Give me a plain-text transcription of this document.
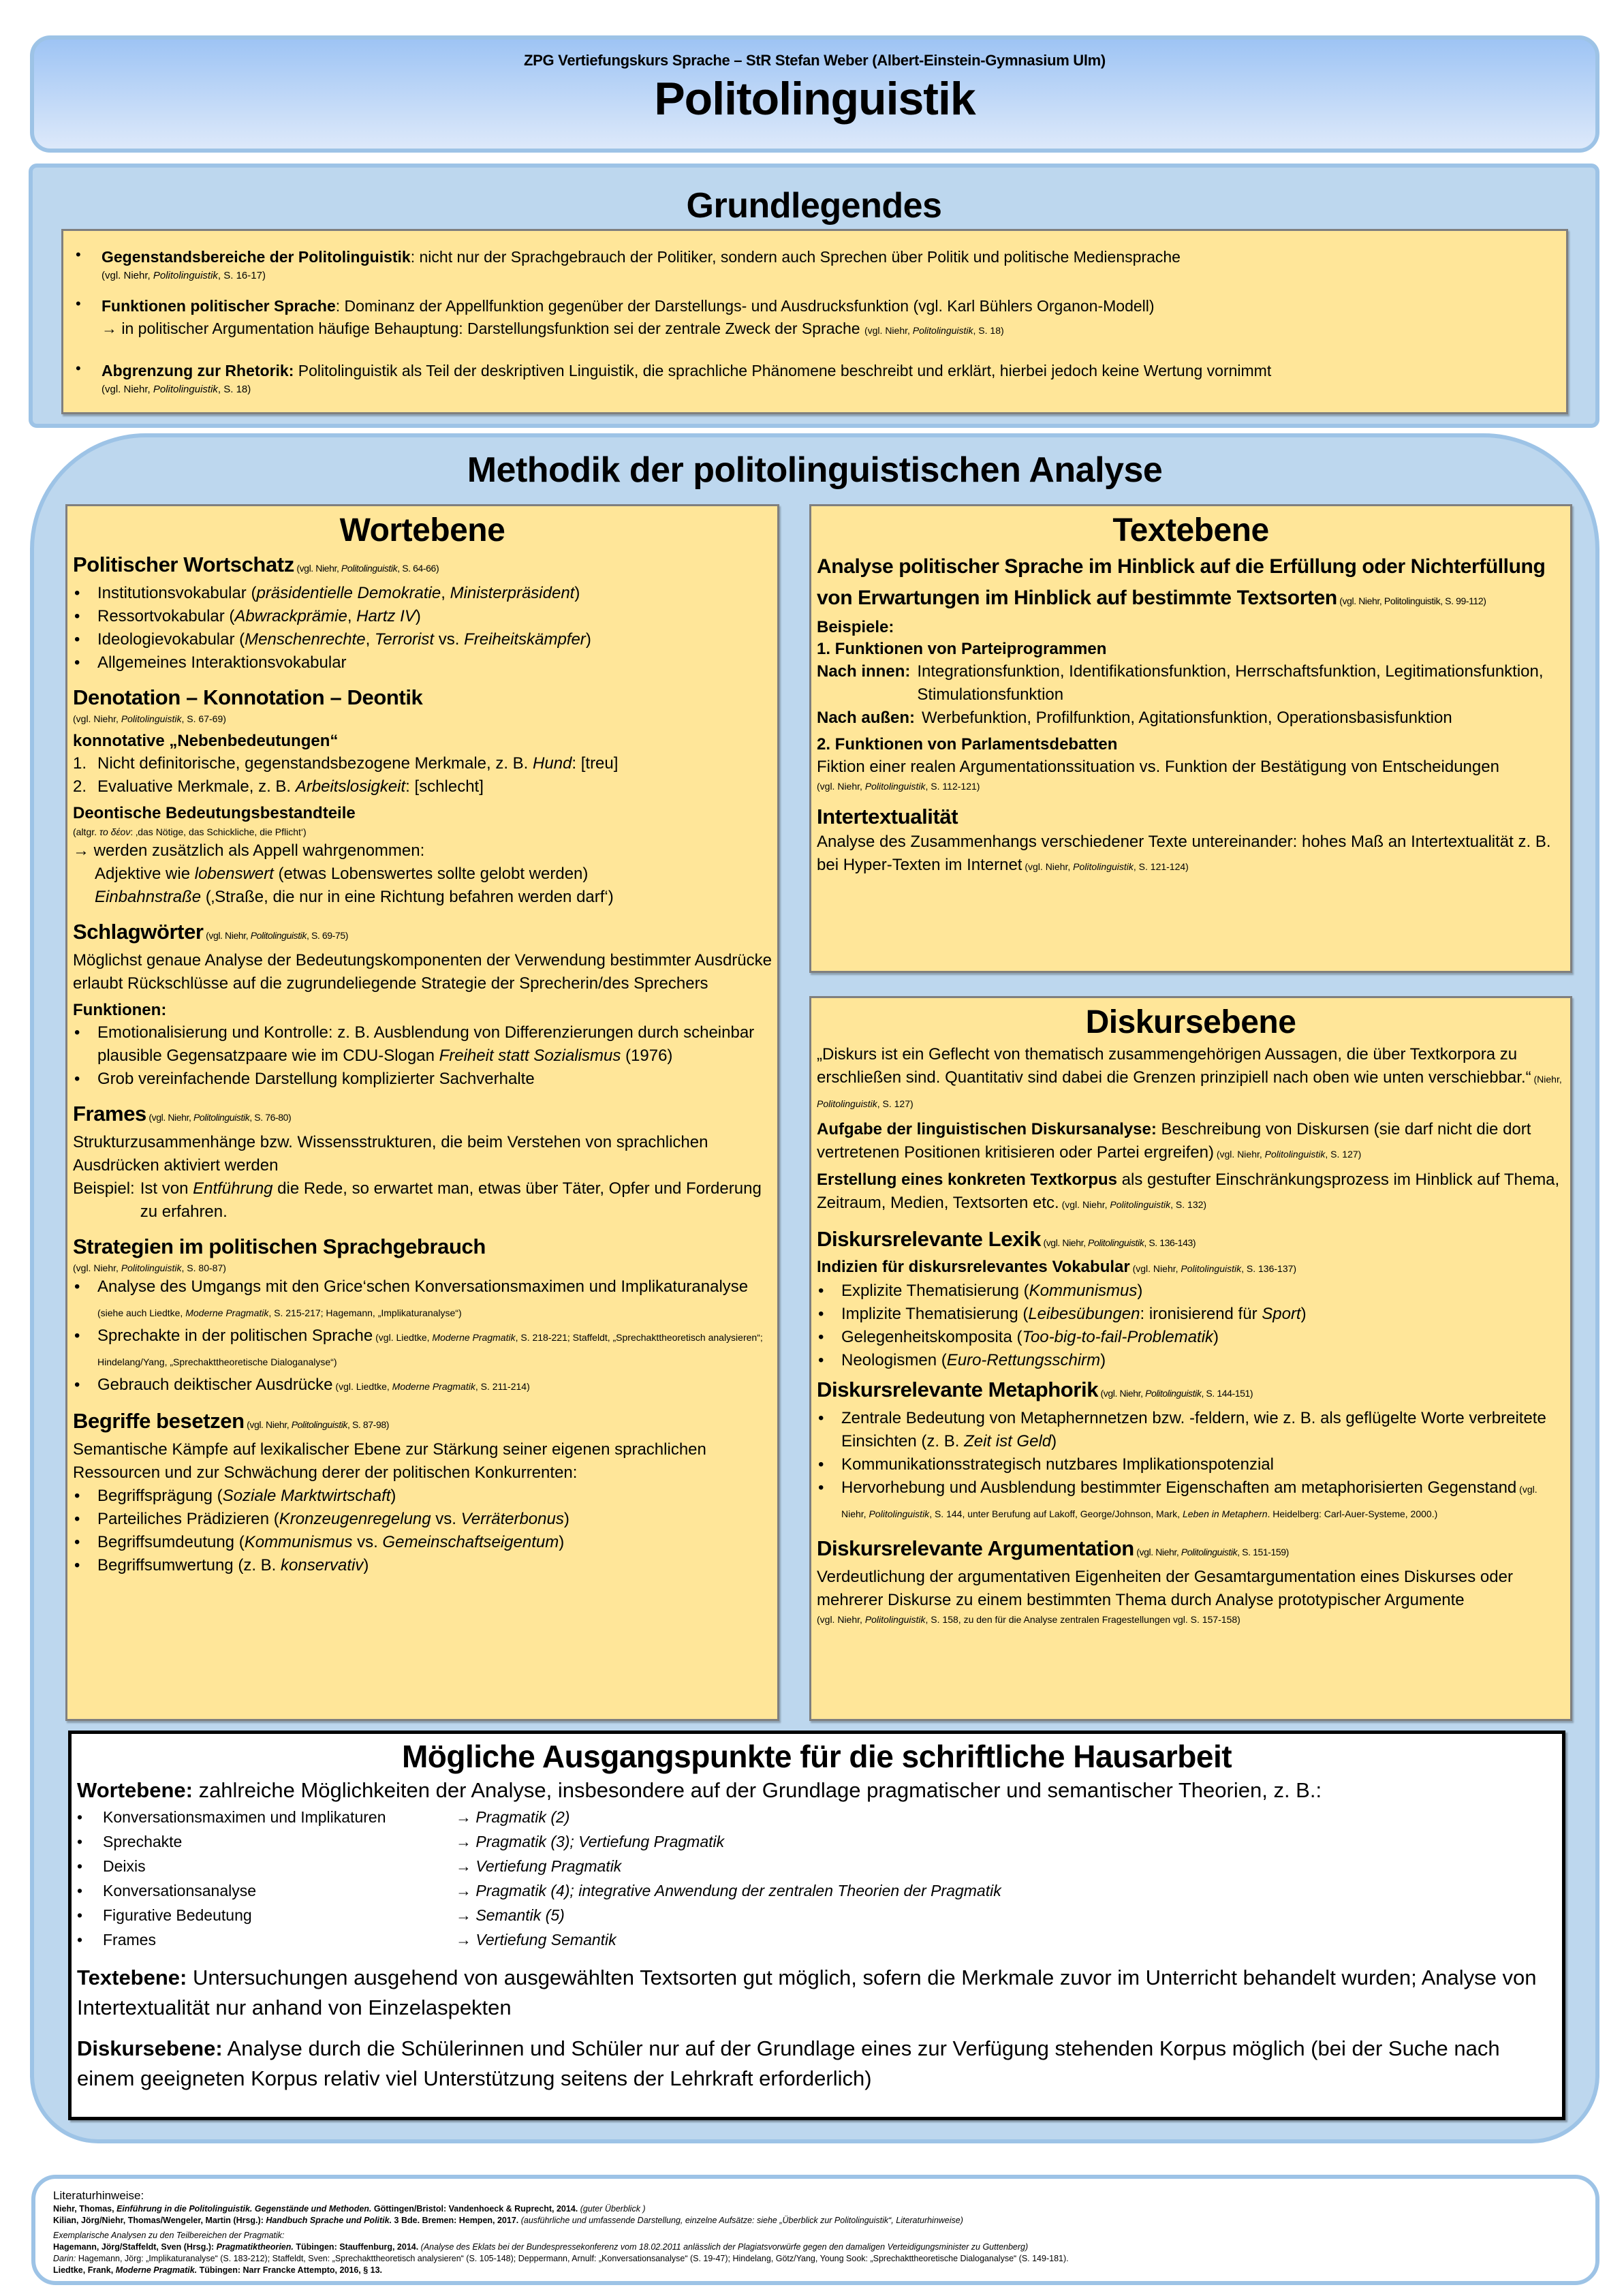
ZPG Vertiefungskurs Sprache – StR Stefan Weber (Albert-Einstein-Gymnasium Ulm)
Politolinguistik
Grundlegendes
• Gegenstandsbereiche der Politolinguistik: nicht nur der Sprachgebrauch der Politiker, sondern auch Sprechen über Politik und politische Mediensprache
(vgl. Niehr, Politolinguistik, S. 16-17)
• Funktionen politischer Sprache: Dominanz der Appellfunktion gegenüber der Darstellungs- und Ausdrucksfunktion (vgl. Karl Bühlers Organon-Modell)
→ in politischer Argumentation häufige Behauptung: Darstellungsfunktion sei der zentrale Zweck der Sprache (vgl. Niehr, Politolinguistik, S. 18)
• Abgrenzung zur Rhetorik: Politolinguistik als Teil der deskriptiven Linguistik, die sprachliche Phänomene beschreibt und erklärt, hierbei jedoch keine Wertung vornimmt
(vgl. Niehr, Politolinguistik, S. 18)
Methodik der politolinguistischen Analyse
Wortebene
Politischer Wortschatz (vgl. Niehr, Politolinguistik, S. 64-66)
• Institutionsvokabular (präsidentielle Demokratie, Ministerpräsident)
• Ressortvokabular (Abwrackprämie, Hartz IV)
• Ideologievokabular (Menschenrechte, Terrorist vs. Freiheitskämpfer)
• Allgemeines Interaktionsvokabular
Denotation – Konnotation – Deontik
(vgl. Niehr, Politolinguistik, S. 67-69)
konnotative „Nebenbedeutungen“
1. Nicht definitorische, gegenstandsbezogene Merkmale, z. B. Hund: [treu]
2. Evaluative Merkmale, z. B. Arbeitslosigkeit: [schlecht]
Deontische Bedeutungsbestandteile
(altgr. το δέον: ‚das Nötige, das Schickliche, die Pflicht‘)
→ werden zusätzlich als Appell wahrgenommen:
Adjektive wie lobenswert (etwas Lobenswertes sollte gelobt werden)
Einbahnstraße (‚Straße, die nur in eine Richtung befahren werden darf‘)
Schlagwörter (vgl. Niehr, Politolinguistik, S. 69-75)
Möglichst genaue Analyse der Bedeutungskomponenten der Verwendung bestimmter Ausdrücke erlaubt Rückschlüsse auf die zugrundeliegende Strategie der Sprecherin/des Sprechers
Funktionen:
• Emotionalisierung und Kontrolle: z. B. Ausblendung von Differenzierungen durch scheinbar plausible Gegensatzpaare wie im CDU-Slogan Freiheit statt Sozialismus (1976)
• Grob vereinfachende Darstellung komplizierter Sachverhalte
Frames (vgl. Niehr, Politolinguistik, S. 76-80)
Strukturzusammenhänge bzw. Wissensstrukturen, die beim Verstehen von sprachlichen Ausdrücken aktiviert werden
Beispiel: Ist von Entführung die Rede, so erwartet man, etwas über Täter, Opfer und Forderung zu erfahren.
Strategien im politischen Sprachgebrauch
(vgl. Niehr, Politolinguistik, S. 80-87)
• Analyse des Umgangs mit den Grice‘schen Konversationsmaximen und Implikaturanalyse (siehe auch Liedtke, Moderne Pragmatik, S. 215-217; Hagemann, „Implikaturanalyse“)
• Sprechakte in der politischen Sprache (vgl. Liedtke, Moderne Pragmatik, S. 218-221; Staffeldt, „Sprechakttheoretisch analysieren“; Hindelang/Yang, „Sprechakttheoretische Dialoganalyse“)
• Gebrauch deiktischer Ausdrücke (vgl. Liedtke, Moderne Pragmatik, S. 211-214)
Begriffe besetzen (vgl. Niehr, Politolinguistik, S. 87-98)
Semantische Kämpfe auf lexikalischer Ebene zur Stärkung seiner eigenen sprachlichen Ressourcen und zur Schwächung derer der politischen Konkurrenten:
• Begriffsprägung (Soziale Marktwirtschaft)
• Parteiliches Prädizieren (Kronzeugenregelung vs. Verräterbonus)
• Begriffsumdeutung (Kommunismus vs. Gemeinschaftseigentum)
• Begriffsumwertung (z. B. konservativ)
Textebene
Analyse politischer Sprache im Hinblick auf die Erfüllung oder Nichterfüllung von Erwartungen im Hinblick auf bestimmte Textsorten (vgl. Niehr, Politolinguistik, S. 99-112)
Beispiele:
1. Funktionen von Parteiprogrammen
Nach innen: Integrationsfunktion, Identifikationsfunktion, Herrschaftsfunktion, Legitimationsfunktion, Stimulationsfunktion
Nach außen: Werbefunktion, Profilfunktion, Agitationsfunktion, Operationsbasisfunktion
2. Funktionen von Parlamentsdebatten
Fiktion einer realen Argumentationssituation vs. Funktion der Bestätigung von Entscheidungen
(vgl. Niehr, Politolinguistik, S. 112-121)
Intertextualität
Analyse des Zusammenhangs verschiedener Texte untereinander: hohes Maß an Intertextualität z. B. bei Hyper-Texten im Internet (vgl. Niehr, Politolinguistik, S. 121-124)
Diskursebene
„Diskurs ist ein Geflecht von thematisch zusammengehörigen Aussagen, die über Textkorpora zu erschließen sind. Quantitativ sind dabei die Grenzen prinzipiell nach oben wie unten verschiebbar.“ (Niehr, Politolinguistik, S. 127)
Aufgabe der linguistischen Diskursanalyse: Beschreibung von Diskursen (sie darf nicht die dort vertretenen Positionen kritisieren oder Partei ergreifen) (vgl. Niehr, Politolinguistik, S. 127)
Erstellung eines konkreten Textkorpus als gestufter Einschränkungsprozess im Hinblick auf Thema, Zeitraum, Medien, Textsorten etc. (vgl. Niehr, Politolinguistik, S. 132)
Diskursrelevante Lexik (vgl. Niehr, Politolinguistik, S. 136-143)
Indizien für diskursrelevantes Vokabular (vgl. Niehr, Politolinguistik, S. 136-137)
• Explizite Thematisierung (Kommunismus)
• Implizite Thematisierung (Leibesübungen: ironisierend für Sport)
• Gelegenheitskomposita (Too-big-to-fail-Problematik)
• Neologismen (Euro-Rettungsschirm)
Diskursrelevante Metaphorik (vgl. Niehr, Politolinguistik, S. 144-151)
• Zentrale Bedeutung von Metaphernnetzen bzw. -feldern, wie z. B. als geflügelte Worte verbreitete Einsichten (z. B. Zeit ist Geld)
• Kommunikationsstrategisch nutzbares Implikationspotenzial
• Hervorhebung und Ausblendung bestimmter Eigenschaften am metaphorisierten Gegenstand (vgl. Niehr, Politolinguistik, S. 144, unter Berufung auf Lakoff, George/Johnson, Mark, Leben in Metaphern. Heidelberg: Carl-Auer-Systeme, 2000.)
Diskursrelevante Argumentation (vgl. Niehr, Politolinguistik, S. 151-159)
Verdeutlichung der argumentativen Eigenheiten der Gesamtargumentation eines Diskurses oder mehrerer Diskurse zu einem bestimmten Thema durch Analyse prototypischer Argumente
(vgl. Niehr, Politolinguistik, S. 158, zu den für die Analyse zentralen Fragestellungen vgl. S. 157-158)
Mögliche Ausgangspunkte für die schriftliche Hausarbeit
Wortebene: zahlreiche Möglichkeiten der Analyse, insbesondere auf der Grundlage pragmatischer und semantischer Theorien, z. B.:
•	Konversationsmaximen und Implikaturen	→ Pragmatik (2)
•	Sprechakte	→ Pragmatik (3); Vertiefung Pragmatik
•	Deixis	→ Vertiefung Pragmatik
•	Konversationsanalyse	→ Pragmatik (4); integrative Anwendung der zentralen Theorien der Pragmatik
•	Figurative Bedeutung	→ Semantik (5)
•	Frames	→ Vertiefung Semantik
Textebene: Untersuchungen ausgehend von ausgewählten Textsorten gut möglich, sofern die Merkmale zuvor im Unterricht behandelt wurden; Analyse von Intertextualität nur anhand von Einzelaspekten
Diskursebene: Analyse durch die Schülerinnen und Schüler nur auf der Grundlage eines zur Verfügung stehenden Korpus möglich (bei der Suche nach einem geeigneten Korpus relativ viel Unterstützung seitens der Lehrkraft erforderlich)
Literaturhinweise:
Niehr, Thomas, Einführung in die Politolinguistik. Gegenstände und Methoden. Göttingen/Bristol: Vandenhoeck & Ruprecht, 2014. (guter Überblick )
Kilian, Jörg/Niehr, Thomas/Wengeler, Martin (Hrsg.): Handbuch Sprache und Politik. 3 Bde. Bremen: Hempen, 2017. (ausführliche und umfassende Darstellung, einzelne Aufsätze: siehe „Überblick zur Politolinguistik“, Literaturhinweise)
Exemplarische Analysen zu den Teilbereichen der Pragmatik:
Hagemann, Jörg/Staffeldt, Sven (Hrsg.): Pragmatiktheorien. Tübingen: Stauffenburg, 2014. (Analyse des Eklats bei der Bundespressekonferenz vom 18.02.2011 anlässlich der Plagiatsvorwürfe gegen den damaligen Verteidigungsminister zu Guttenberg)
Darin: Hagemann, Jörg: „Implikaturanalyse“ (S. 183-212); Staffeldt, Sven: „Sprechakttheoretisch analysieren“ (S. 105-148); Deppermann, Arnulf: „Konversationsanalyse“ (S. 19-47); Hindelang, Götz/Yang, Young Sook: „Sprechakttheoretische Dialoganalyse“ (S. 149-181).
Liedtke, Frank, Moderne Pragmatik. Tübingen: Narr Francke Attempto, 2016, § 13.
